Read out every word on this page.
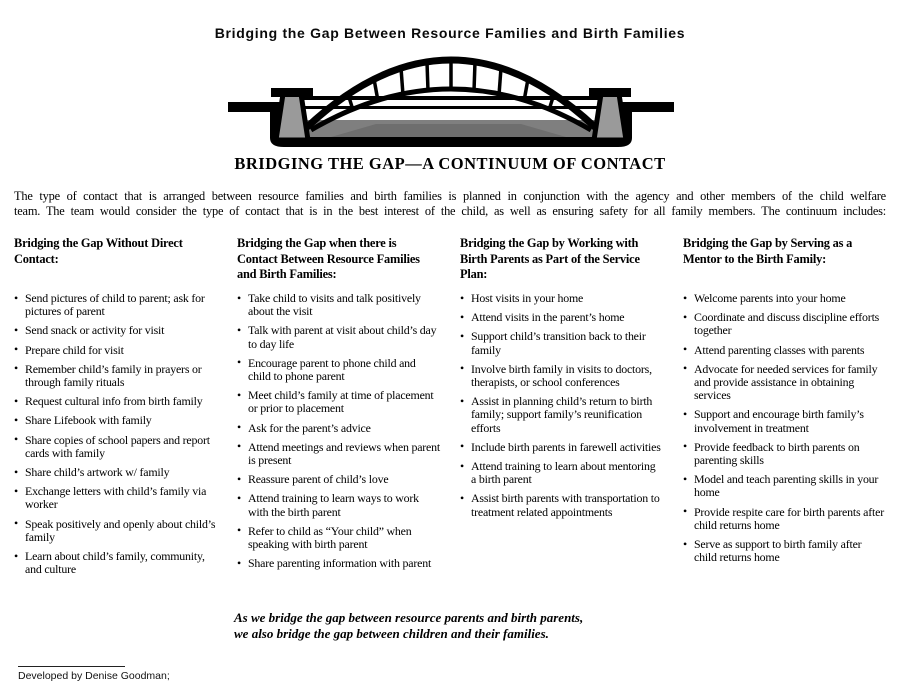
Bridging the Gap Between Resource Families and Birth Families
BRIDGING THE GAP—A CONTINUUM OF CONTACT
The type of contact that is arranged between resource families and birth families is planned in conjunction with the agency and other members of the child welfare
team. The team would consider the type of contact that is in the best interest of the child, as well as ensuring safety for all family members. The continuum includes:
Bridging the Gap Without Direct
Contact:
• Send pictures of child to parent; ask for pictures of parent
• Send snack or activity for visit
• Prepare child for visit
• Remember child’s family in prayers or through family rituals
• Request cultural info from birth family
• Share Lifebook with family
• Share copies of school papers and report cards with family
• Share child’s artwork w/ family
• Exchange letters with child’s family via worker
• Speak positively and openly about child’s family
• Learn about child’s family, community, and culture
Bridging the Gap when there is
Contact Between Resource Families
and Birth Families:
• Take child to visits and talk positively about the visit
• Talk with parent at visit about child’s day to day life
• Encourage parent to phone child and child to phone parent
• Meet child’s family at time of placement or prior to placement
• Ask for the parent’s advice
• Attend meetings and reviews when parent is present
• Reassure parent of child’s love
• Attend training to learn ways to work with the birth parent
• Refer to child as “Your child” when speaking with birth parent
• Share parenting information with parent
Bridging the Gap by Working with
Birth Parents as Part of the Service
Plan:
• Host visits in your home
• Attend visits in the parent’s home
• Support child’s transition back to their family
• Involve birth family in visits to doctors, therapists, or school conferences
• Assist in planning child’s return to birth family; support family’s reunification efforts
• Include birth parents in farewell activities
• Attend training to learn about mentoring a birth parent
• Assist birth parents with transportation to treatment related appointments
Bridging the Gap by Serving as a
Mentor to the Birth Family:
• Welcome parents into your home
• Coordinate and discuss discipline efforts together
• Attend parenting classes with parents
• Advocate for needed services for family and provide assistance in obtaining services
• Support and encourage birth family’s involvement in treatment
• Provide feedback to birth parents on parenting skills
• Model and teach parenting skills in your home
• Provide respite care for birth parents after child returns home
• Serve as support to birth family after child returns home
As we bridge the gap between resource parents and birth parents,
we also bridge the gap between children and their families.
Developed by Denise Goodman;
